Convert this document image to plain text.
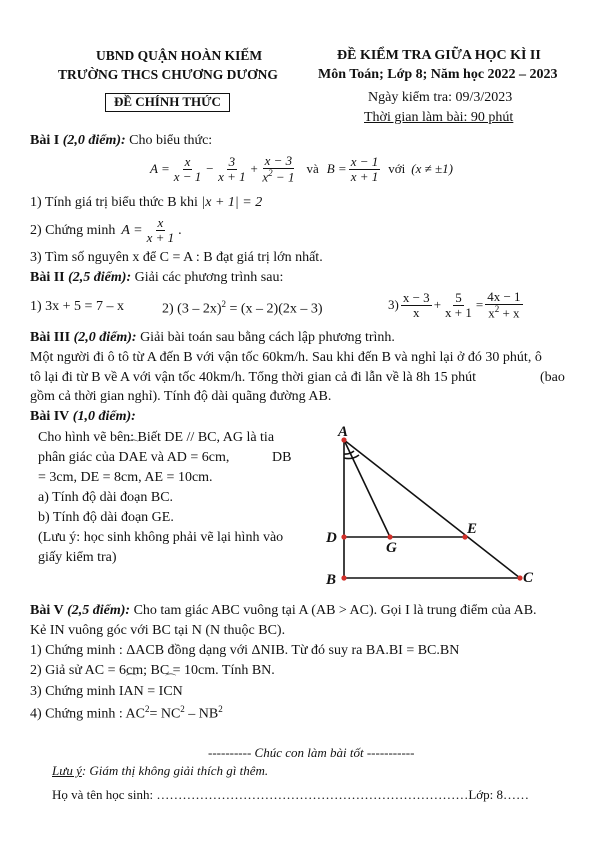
UBND QUẬN HOÀN KIẾM
TRƯỜNG THCS CHƯƠNG DƯƠNG
ĐỀ CHÍNH THỨC
ĐỀ KIỂM TRA GIỮA HỌC KÌ II
Môn Toán; Lớp 8; Năm học 2022 – 2023
Ngày kiểm tra: 09/3/2023
Thời gian làm bài: 90 phút
Bài I (2,0 điểm): Cho biểu thức:
$A = \frac{x}{x - 1} - \frac{3}{x + 1} + \frac{x - 3}{x^2 - 1}$ và $B = \frac{x - 1}{x + 1}$ với (x ≠ ±1)
1) Tính giá trị biểu thức B khi |x + 1| = 2
2) Chứng minh $A = \frac{x}{x + 1}$ .
3) Tìm số nguyên x để C = A : B đạt giá trị lớn nhất.
Bài II (2,5 điểm): Giải các phương trình sau:
1) 3x + 5 = 7 – x	2) (3 – 2x)$^2$ = (x – 2)(2x – 3)	$3) \frac{x - 3}{x} + \frac{5}{x + 1} = \frac{4x - 1}{x^2 + x}$
Bài III (2,0 điểm): Giải bài toán sau bằng cách lập phương trình.
Một người đi ô tô từ A đến B với vận tốc 60km/h. Sau khi đến B và nghỉ lại ở đó 30 phút, ô
tô lại đi từ B về A với vận tốc 40km/h. Tổng thời gian cả đi lẫn về là 8h 15 phút	(bao
gồm cả thời gian nghỉ). Tính độ dài quãng đường AB.
Bài IV (1,0 điểm):
Cho hình vẽ bên: Biết DE // BC, AG là tia
phân giác của ⌒ DAE và AD = 6cm,	DB
= 3cm, DE = 8cm, AE = 10cm.
a) Tính độ dài đoạn BC.
b) Tính độ dài đoạn GE.
(Lưu ý: học sinh không phải vẽ lại hình vào
giấy kiểm tra)
A
D
G
E
B	C
Bài V (2,5 điểm): Cho tam giác ABC vuông tại A (AB > AC). Gọi I là trung điểm của AB.
Kẻ IN vuông góc với BC tại N (N thuộc BC).
1) Chứng minh : ΔACB đồng dạng với ΔNIB. Từ đó suy ra BA.BI = BC.BN
2) Giả sử AC = 6cm; BC = 10cm. Tính BN.
3) Chứng minh ⌒ IAN = ⌒ ICN
4) Chứng minh : $AC^2= NC^2 - NB^2$
---------- Chúc con làm bài tốt -----------
Lưu ý: Giám thị không giải thích gì thêm.
Họ và tên học sinh: ………………………………………………………………Lớp: 8……
